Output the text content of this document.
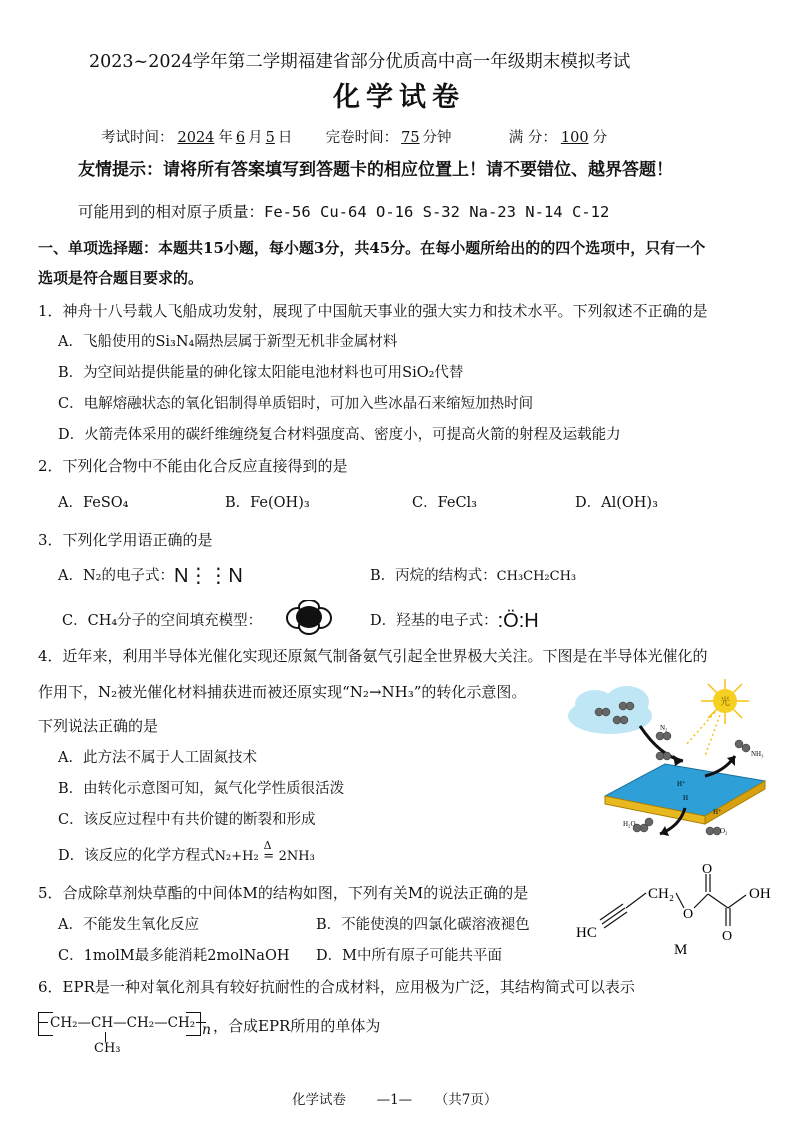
2023~2024学年第二学期福建省部分优质高中高一年级期末模拟考试
化学试卷
考试时间： 2024 年 6 月 5 日 完卷时间： 75 分钟	满 分： 100 分
友情提示：请将所有答案填写到答题卡的相应位置上！请不要错位、越界答题！
可能用到的相对原子质量：Fe-56 Cu-64 O-16 S-32 Na-23 N-14 C-12
一、单项选择题：本题共15小题，每小题3分，共45分。在每小题所给出的的四个选项中，只有一个
选项是符合题目要求的。
1．神舟十八号载人飞船成功发射，展现了中国航天事业的强大实力和技术水平。下列叙述不正确的是
A．飞船使用的Si₃N₄隔热层属于新型无机非金属材料
B．为空间站提供能量的砷化镓太阳能电池材料也可用SiO₂代替
C．电解熔融状态的氧化铝制得单质铝时，可加入些冰晶石来缩短加热时间
D．火箭壳体采用的碳纤维缠绕复合材料强度高、密度小，可提高火箭的射程及运载能力
2．下列化合物中不能由化合反应直接得到的是
A．FeSO₄	B．Fe(OH)₃	C．FeCl₃	D．Al(OH)₃
3．下列化学用语正确的是
A．N₂的电子式：N⋮⋮N	B．丙烷的结构式：CH₃CH₂CH₃
C．CH₄分子的空间填充模型：	D．羟基的电子式：:Ö:H
4．近年来，利用半导体光催化实现还原氮气制备氨气引起全世界极大关注。下图是在半导体光催化的
作用下，N₂被光催化材料捕获进而被还原实现“N₂→NH₃”的转化示意图。
下列说法正确的是
A．此方法不属于人工固氮技术
B．由转化示意图可知，氮气化学性质很活泼
C．该反应过程中有共价键的断裂和形成
D．该反应的化学方程式N₂+H₂
Δ
= 2NH₃
光
N₂
NH₃
H⁺
H₂O
O₂
H⁺
H
5．合成除草剂炔草酯的中间体M的结构如图，下列有关M的说法正确的是
A．不能发生氧化反应	B．不能使溴的四氯化碳溶液褪色
C．1molM最多能消耗2molNaOH D．M中所有原子可能共平面
CH₂	OH
HC
O
O
O
M
6．EPR是一种对氧化剂具有较好抗耐性的合成材料，应用极为广泛，其结构简式可以表示
CH₂—CH—CH₂—CH₂ n
CH₃
，合成EPR所用的单体为
化学试卷 —1— （共7页）
